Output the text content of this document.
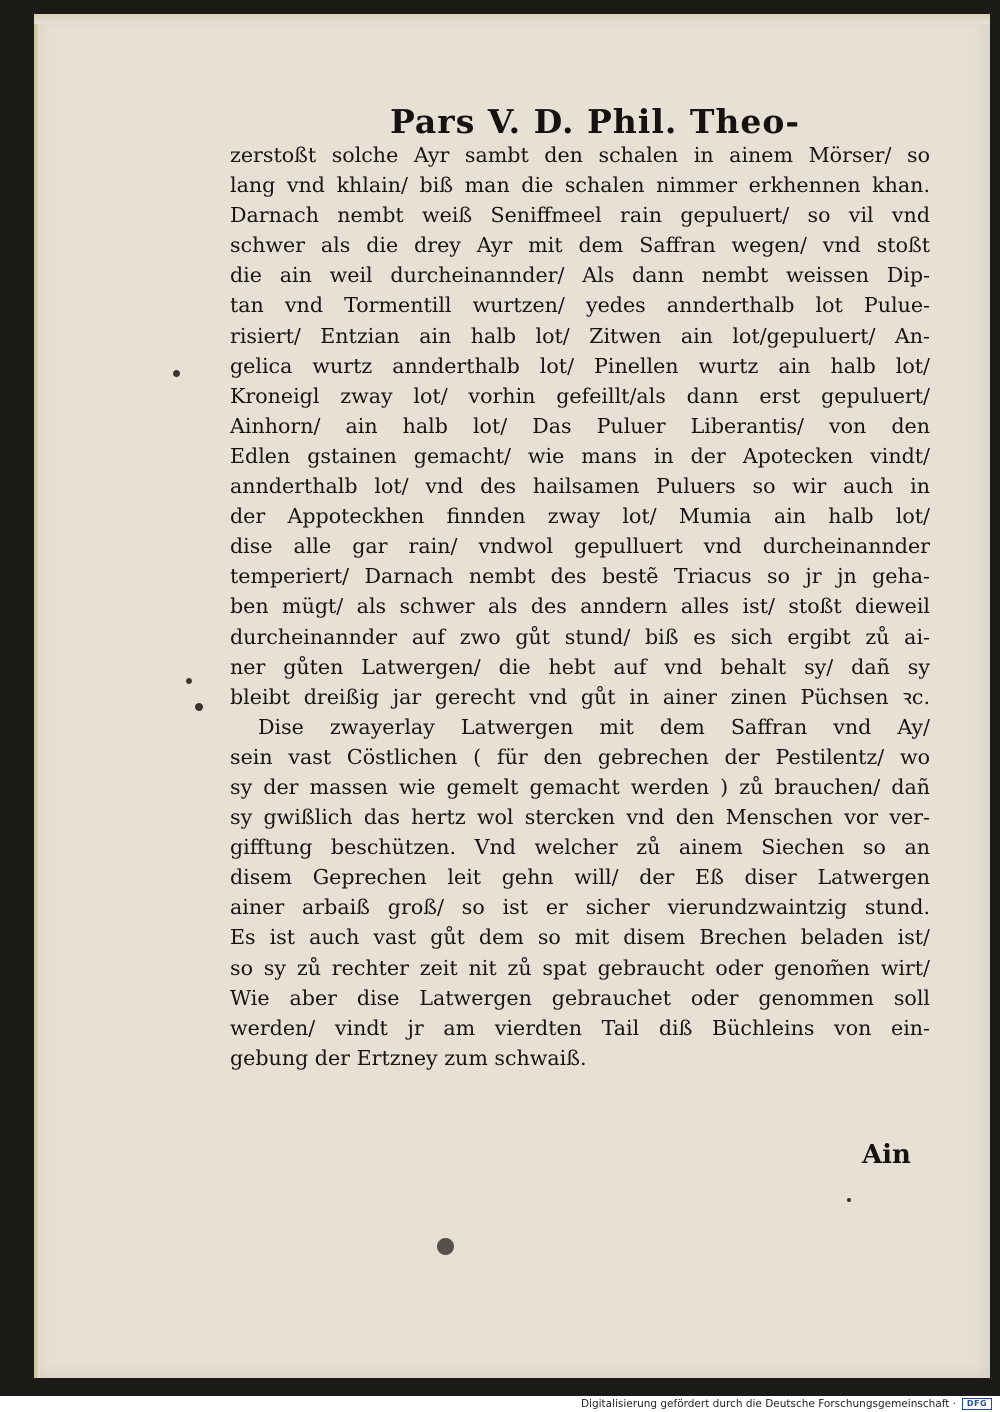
Pars V. D. Phil. Theo-
zerstoßt solche Ayr sambt den schalen in ainem Mörser/ so
lang vnd khlain/ biß man die schalen nimmer erkhennen khan.
Darnach nembt weiß Seniffmeel rain gepuluert/ so vil vnd
schwer als die drey Ayr mit dem Saffran wegen/ vnd stoßt
die ain weil durcheinannder/ Als dann nembt weissen Dip-
tan vnd Tormentill wurtzen/ yedes annderthalb lot Pulue-
risiert/ Entzian ain halb lot/ Zitwen ain lot/gepuluert/ An-
gelica wurtz annderthalb lot/ Pinellen wurtz ain halb lot/
Kroneigl zway lot/ vorhin gefeillt/als dann erst gepuluert/
Ainhorn/ ain halb lot/ Das Puluer Liberantis/ von den
Edlen gstainen gemacht/ wie mans in der Apotecken vindt/
annderthalb lot/ vnd des hailsamen Puluers so wir auch in
der Appoteckhen finnden zway lot/ Mumia ain halb lot/
dise alle gar rain/ vndwol gepulluert vnd durcheinannder
temperiert/ Darnach nembt des bestẽ Triacus so jr jn geha-
ben mügt/ als schwer als des anndern alles ist/ stoßt dieweil
durcheinannder auf zwo gůt stund/ biß es sich ergibt zů ai-
ner gůten Latwergen/ die hebt auf vnd behalt sy/ dañ sy
bleibt dreißig jar gerecht vnd gůt in ainer zinen Püchsen ꝛc.
Dise zwayerlay Latwergen mit dem Saffran vnd Ay/
sein vast Cöstlichen ( für den gebrechen der Pestilentz/ wo
sy der massen wie gemelt gemacht werden ) zů brauchen/ dañ
sy gwißlich das hertz wol stercken vnd den Menschen vor ver-
gifftung beschützen. Vnd welcher zů ainem Siechen so an
disem Geprechen leit gehn will/ der Eß diser Latwergen
ainer arbaiß groß/ so ist er sicher vierundzwaintzig stund.
Es ist auch vast gůt dem so mit disem Brechen beladen ist/
so sy zů rechter zeit nit zů spat gebraucht oder genom̃en wirt/
Wie aber dise Latwergen gebrauchet oder genommen soll
werden/ vindt jr am vierdten Tail diß Büchleins von ein-
gebung der Ertzney zum schwaiß.
Ain
Digitalisierung gefördert durch die Deutsche Forschungsgemeinschaft ·	DFG
